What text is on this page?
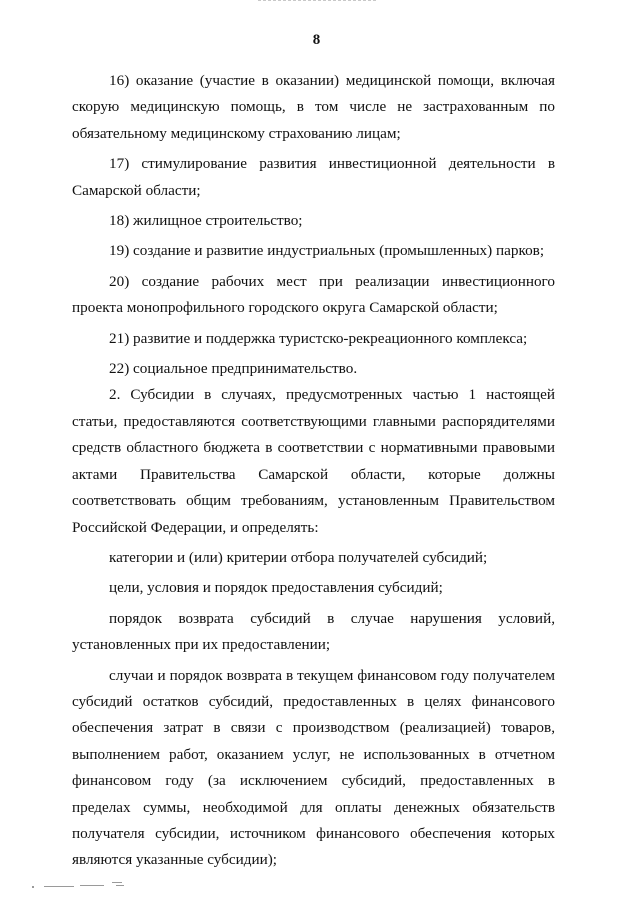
8

16) оказание (участие в оказании) медицинской помощи, включая скорую медицинскую помощь, в том числе не застрахованным по обязательному медицинскому страхованию лицам;

17) стимулирование развития инвестиционной деятельности в Самарской области;

18) жилищное строительство;

19) создание и развитие индустриальных (промышленных) парков;

20) создание рабочих мест при реализации инвестиционного проекта монопрофильного городского округа Самарской области;

21) развитие и поддержка туристско-рекреационного комплекса;

22) социальное предпринимательство.

2. Субсидии в случаях, предусмотренных частью 1 настоящей статьи, предоставляются соответствующими главными распорядителями средств областного бюджета в соответствии с нормативными правовыми актами Правительства Самарской области, которые должны соответствовать общим требованиям, установленным Правительством Российской Федерации, и определять:

категории и (или) критерии отбора получателей субсидий;

цели, условия и порядок предоставления субсидий;

порядок возврата субсидий в случае нарушения условий, установленных при их предоставлении;

случаи и порядок возврата в текущем финансовом году получателем субсидий остатков субсидий, предоставленных в целях финансового обеспечения затрат в связи с производством (реализацией) товаров, выполнением работ, оказанием услуг, не использованных в отчетном финансовом году (за исключением субсидий, предоставленных в пределах суммы, необходимой для оплаты денежных обязательств получателя субсидии, источником финансового обеспечения которых являются указанные субсидии);
